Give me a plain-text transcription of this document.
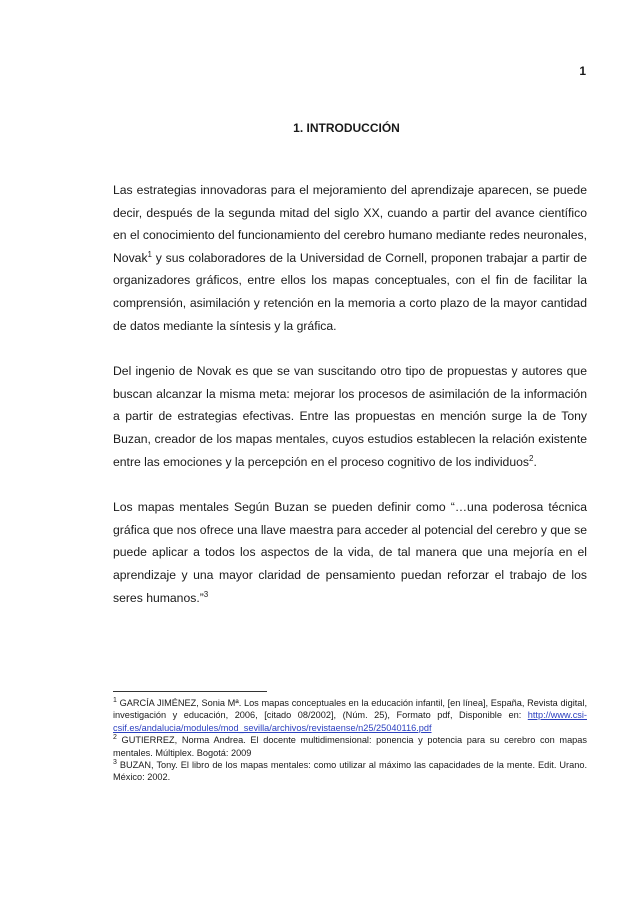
1
1. INTRODUCCIÓN

Las estrategias innovadoras para el mejoramiento del aprendizaje aparecen, se puede decir, después de la segunda mitad del siglo XX, cuando a partir del avance científico en el conocimiento del funcionamiento del cerebro humano mediante redes neuronales, Novak$^1$ y sus colaboradores de la Universidad de Cornell, proponen trabajar a partir de organizadores gráficos, entre ellos los mapas conceptuales, con el fin de facilitar la comprensión, asimilación y retención en la memoria a corto plazo de la mayor cantidad de datos mediante la síntesis y la gráfica.

Del ingenio de Novak es que se van suscitando otro tipo de propuestas y autores que buscan alcanzar la misma meta: mejorar los procesos de asimilación de la información a partir de estrategias efectivas. Entre las propuestas en mención surge la de Tony Buzan, creador de los mapas mentales, cuyos estudios establecen la relación existente entre las emociones y la percepción en el proceso cognitivo de los individuos$^2$.

Los mapas mentales Según Buzan se pueden definir como “…una poderosa técnica gráfica que nos ofrece una llave maestra para acceder al potencial del cerebro y que se puede aplicar a todos los aspectos de la vida, de tal manera que una mejoría en el aprendizaje y una mayor claridad de pensamiento puedan reforzar el trabajo de los seres humanos.”$^3$

$^1$ GARCÍA JIMÉNEZ, Sonia Mª. Los mapas conceptuales en la educación infantil, [en línea], España, Revista digital, investigación y educación, 2006, [citado 08/2002], (Núm. 25), Formato pdf, Disponible en: http://www.csi-csif.es/andalucia/modules/mod_sevilla/archivos/revistaense/n25/25040116.pdf

$^2$ GUTIERREZ, Norma Andrea. El docente multidimensional: ponencia y potencia para su cerebro con mapas mentales. Múltiplex. Bogotá: 2009

$^3$ BUZAN, Tony. El libro de los mapas mentales: como utilizar al máximo las capacidades de la mente. Edit. Urano. México: 2002.
